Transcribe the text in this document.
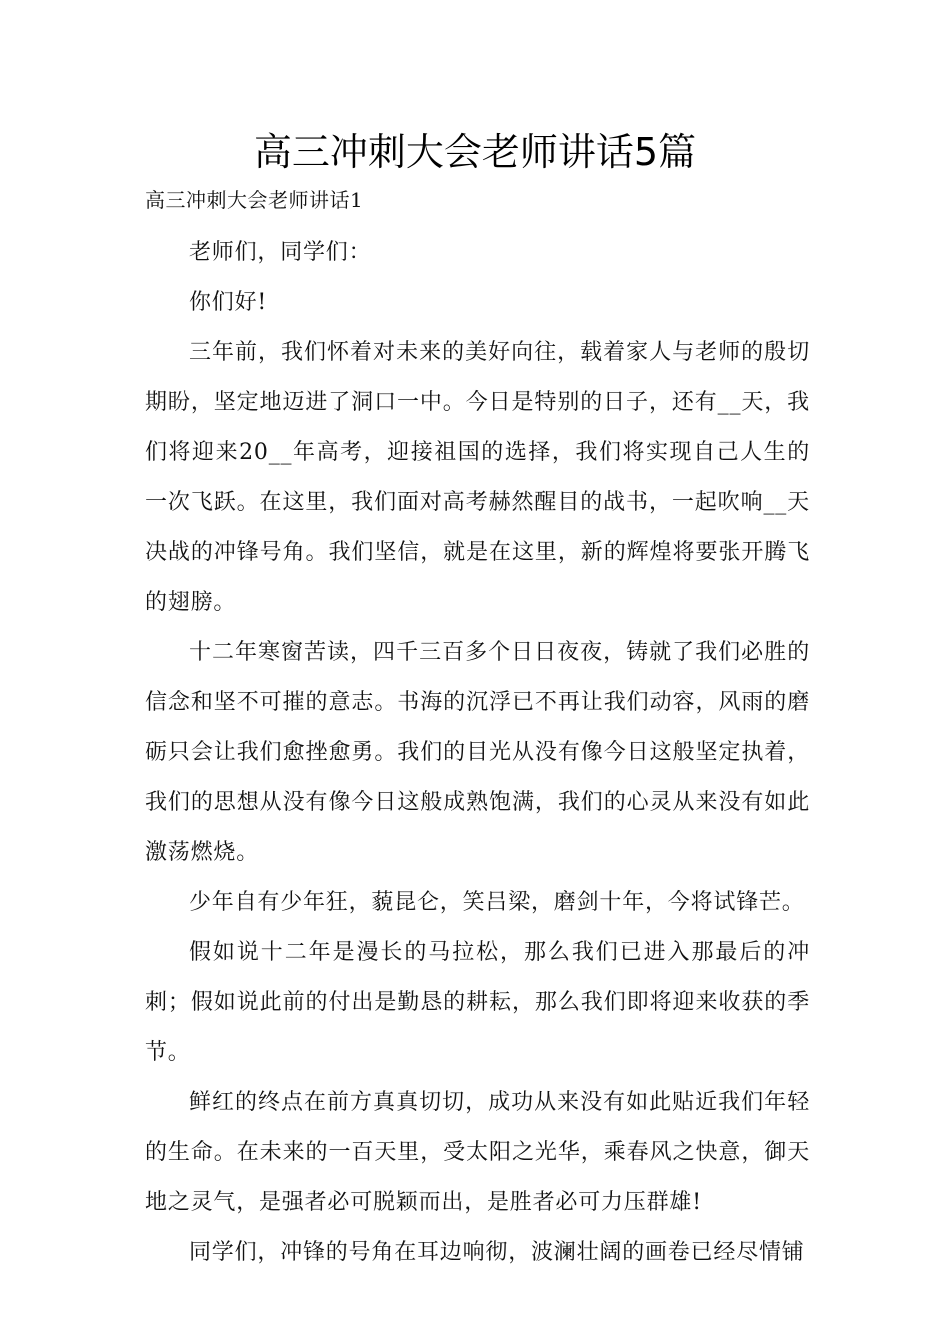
高三冲刺大会老师讲话5篇

高三冲刺大会老师讲话1

老师们，同学们：

你们好!

三年前，我们怀着对未来的美好向往，载着家人与老师的殷切期盼，坚定地迈进了洞口一中。今日是特别的日子，还有__天，我们将迎来20__年高考，迎接祖国的选择，我们将实现自己人生的一次飞跃。在这里，我们面对高考赫然醒目的战书，一起吹响__天决战的冲锋号角。我们坚信，就是在这里，新的辉煌将要张开腾飞的翅膀。

十二年寒窗苦读，四千三百多个日日夜夜，铸就了我们必胜的信念和坚不可摧的意志。书海的沉浮已不再让我们动容，风雨的磨砺只会让我们愈挫愈勇。我们的目光从没有像今日这般坚定执着，我们的思想从没有像今日这般成熟饱满，我们的心灵从来没有如此激荡燃烧。

少年自有少年狂，藐昆仑，笑吕梁，磨剑十年，今将试锋芒。

假如说十二年是漫长的马拉松，那么我们已进入那最后的冲刺；假如说此前的付出是勤恳的耕耘，那么我们即将迎来收获的季节。

鲜红的终点在前方真真切切，成功从来没有如此贴近我们年轻的生命。在未来的一百天里，受太阳之光华，乘春风之快意，御天地之灵气，是强者必可脱颖而出，是胜者必可力压群雄!

同学们，冲锋的号角在耳边响彻，波澜壮阔的画卷已经尽情铺
